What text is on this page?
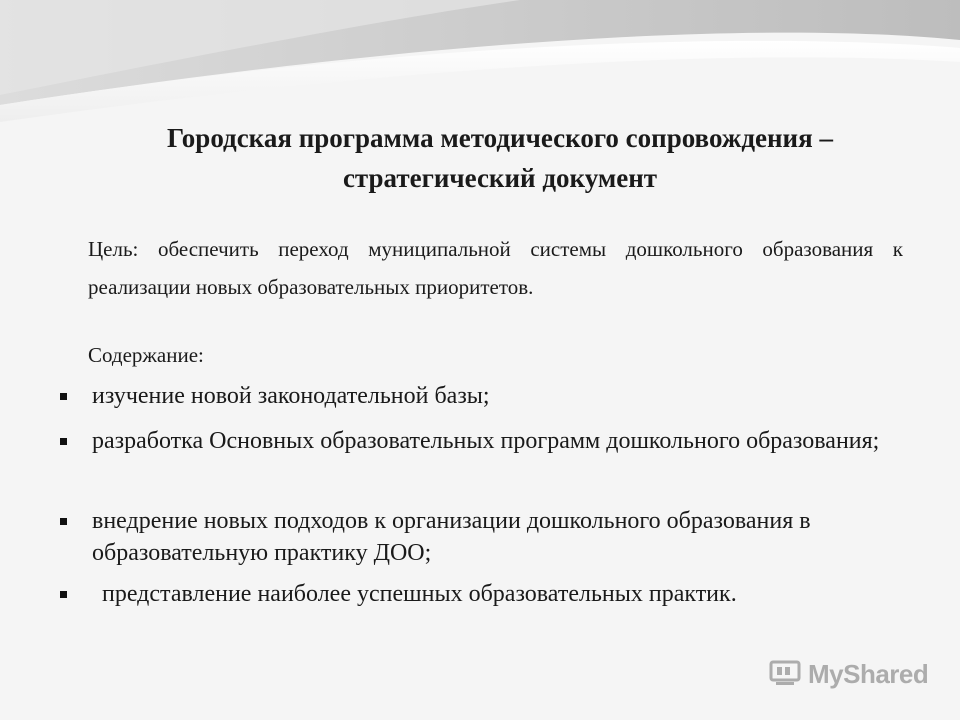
Городская программа методического сопровождения –
стратегический документ
Цель: обеспечить переход муниципальной системы дошкольного образования к реализации новых образовательных приоритетов.
Содержание:
изучение новой законодательной базы;
разработка Основных образовательных программ дошкольного образования;
внедрение новых подходов к организации дошкольного образования в образовательную практику ДОО;
представление наиболее успешных образовательных практик.
MyShared
